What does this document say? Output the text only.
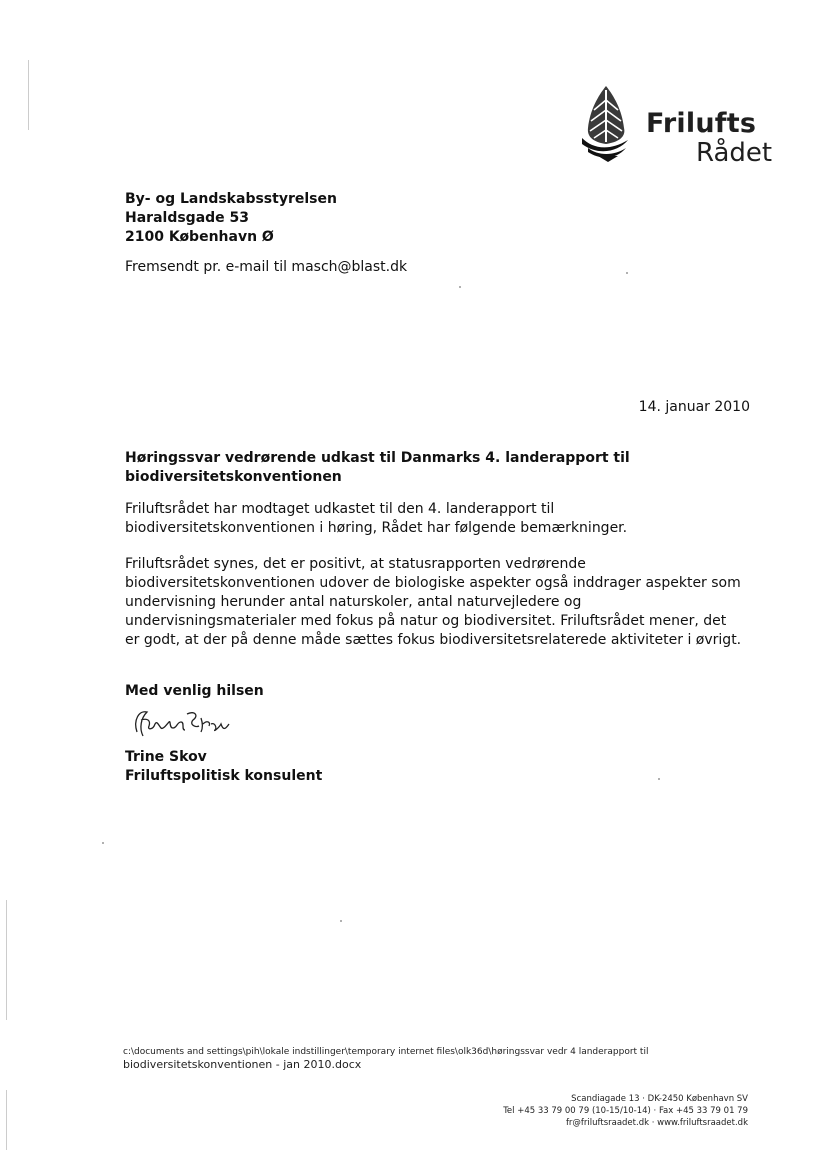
Frilufts
Rådet
By- og Landskabsstyrelsen
Haraldsgade 53
2100 København Ø
Fremsendt pr. e-mail til masch@blast.dk
14. januar 2010
Høringssvar vedrørende udkast til Danmarks 4. landerapport til biodiversitetskonventionen
Friluftsrådet har modtaget udkastet til den 4. landerapport til biodiversitetskonventionen i høring, Rådet har følgende bemærkninger.
Friluftsrådet synes, det er positivt, at statusrapporten vedrørende biodiversitetskonventionen udover de biologiske aspekter også inddrager aspekter som undervisning herunder antal naturskoler, antal naturvejledere og undervisningsmaterialer med fokus på natur og biodiversitet. Friluftsrådet mener, det er godt, at der på denne måde sættes fokus biodiversitetsrelaterede aktiviteter i øvrigt.
Med venlig hilsen
Trine Skov
Friluftspolitisk konsulent
c:\documents and settings\pih\lokale indstillinger\temporary internet files\olk36d\høringssvar vedr 4 landerapport til
biodiversitetskonventionen - jan 2010.docx
Scandiagade 13 · DK-2450 København SV
Tel +45 33 79 00 79 (10-15/10-14) · Fax +45 33 79 01 79
fr@friluftsraadet.dk · www.friluftsraadet.dk
